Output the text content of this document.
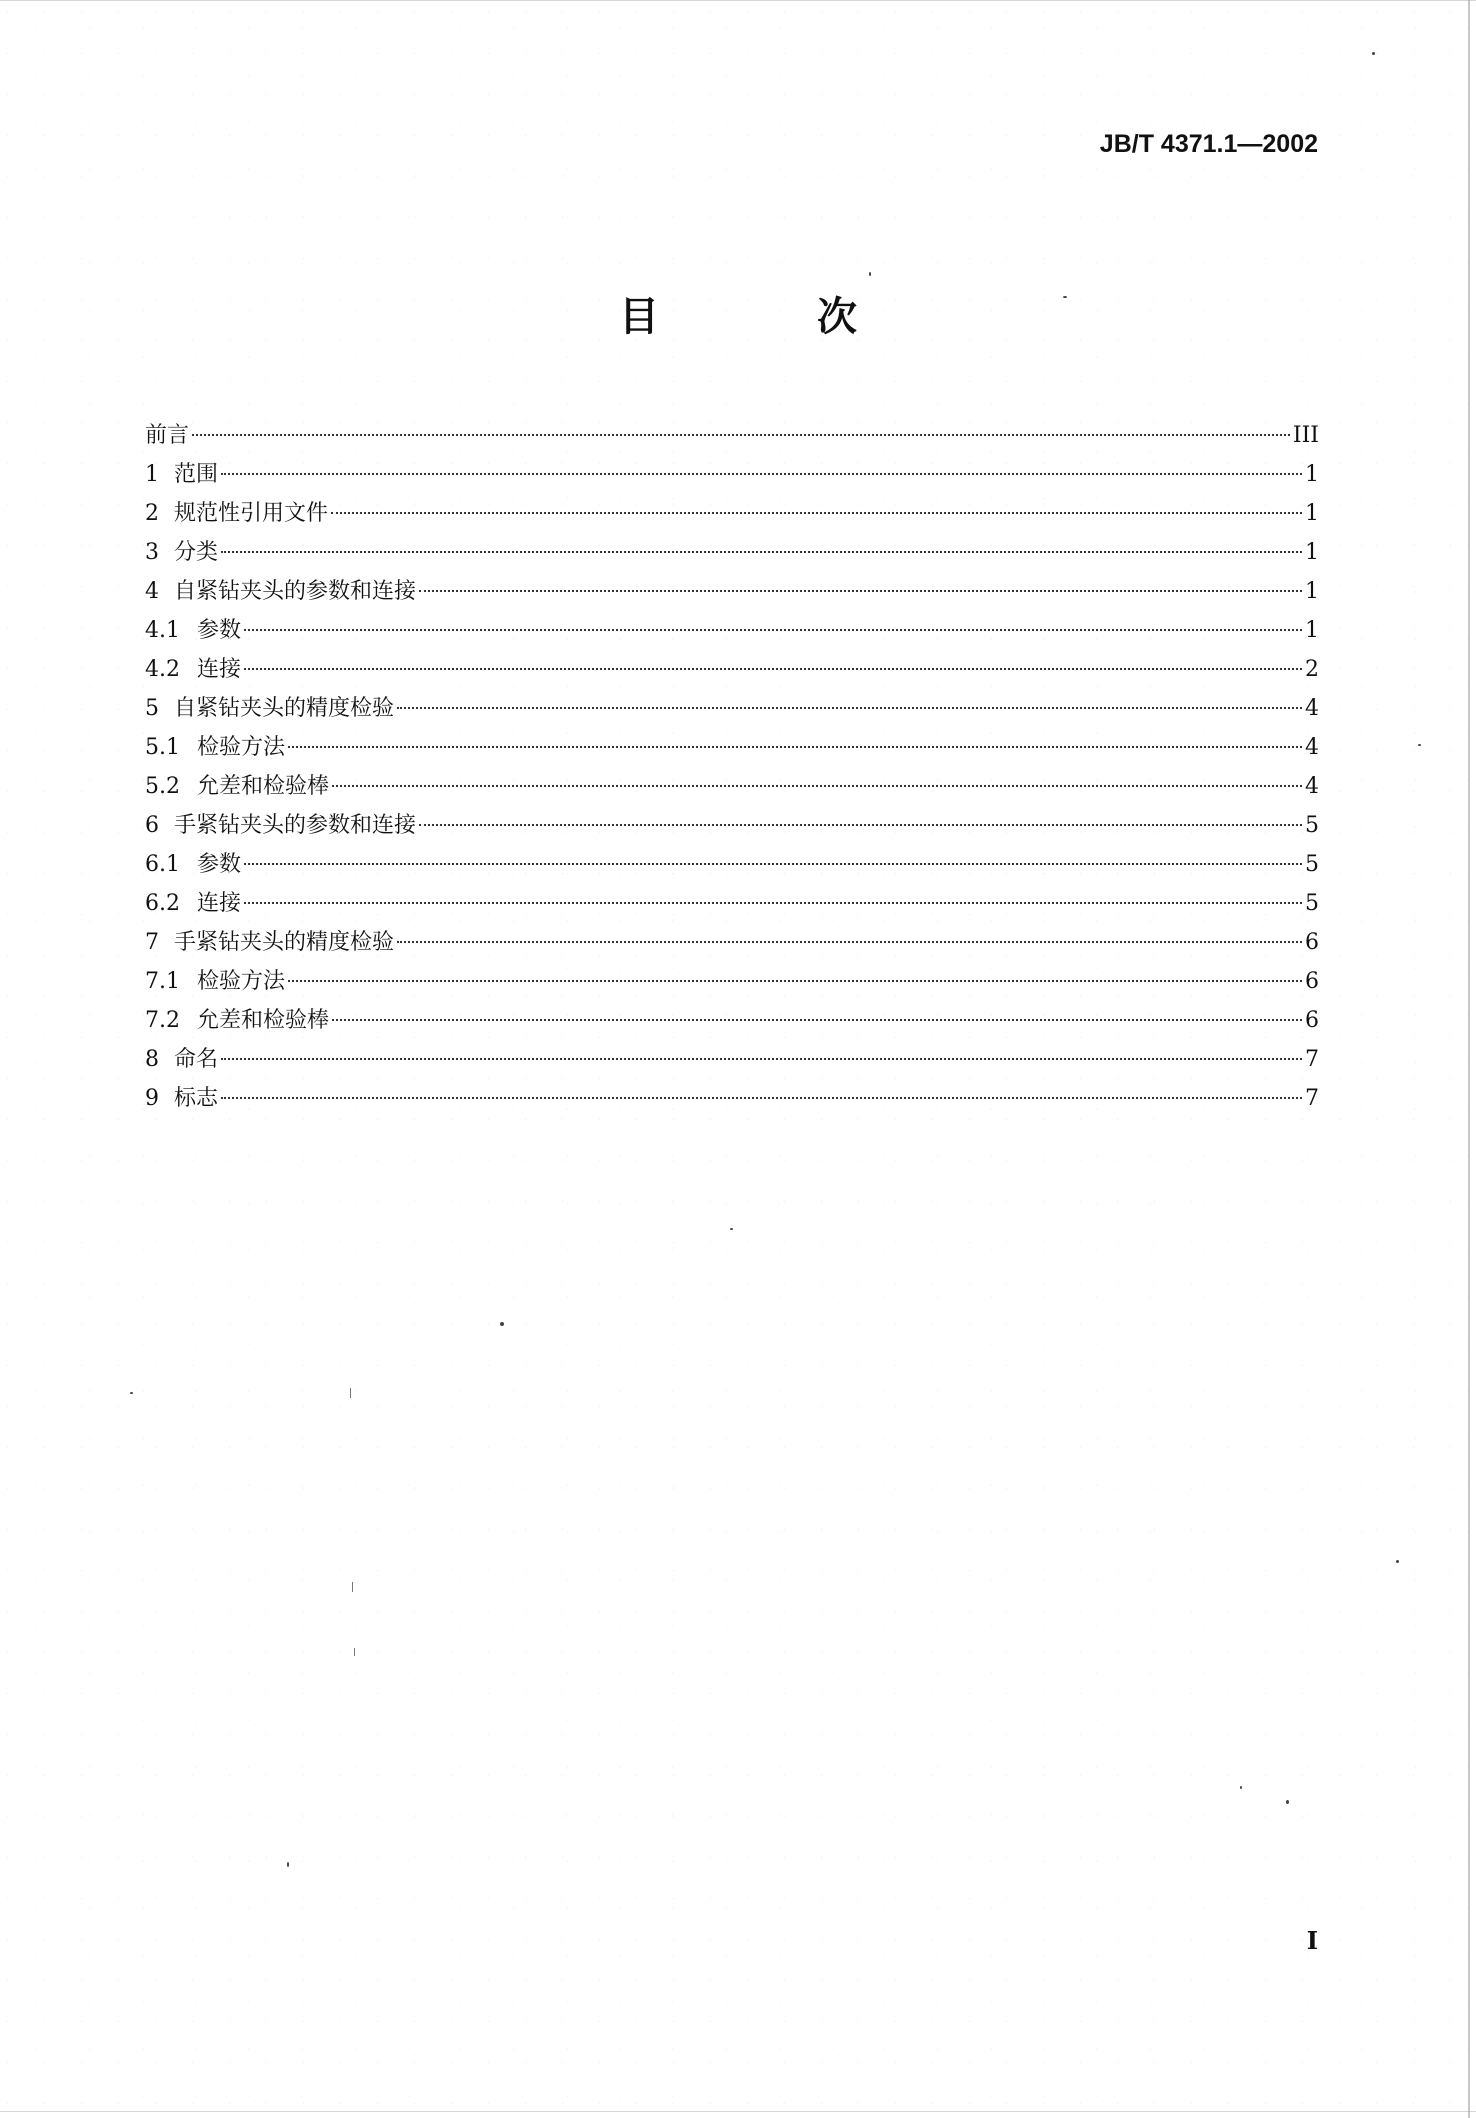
JB/T 4371.1—2002
目 次
前言	III
1 范围	1
2 规范性引用文件	1
3 分类	1
4 自紧钻夹头的参数和连接	1
4.1 参数	1
4.2 连接	2
5 自紧钻夹头的精度检验	4
5.1 检验方法	4
5.2 允差和检验棒	4
6 手紧钻夹头的参数和连接	5
6.1 参数	5
6.2 连接	5
7 手紧钻夹头的精度检验	6
7.1 检验方法	6
7.2 允差和检验棒	6
8 命名	7
9 标志	7
I
